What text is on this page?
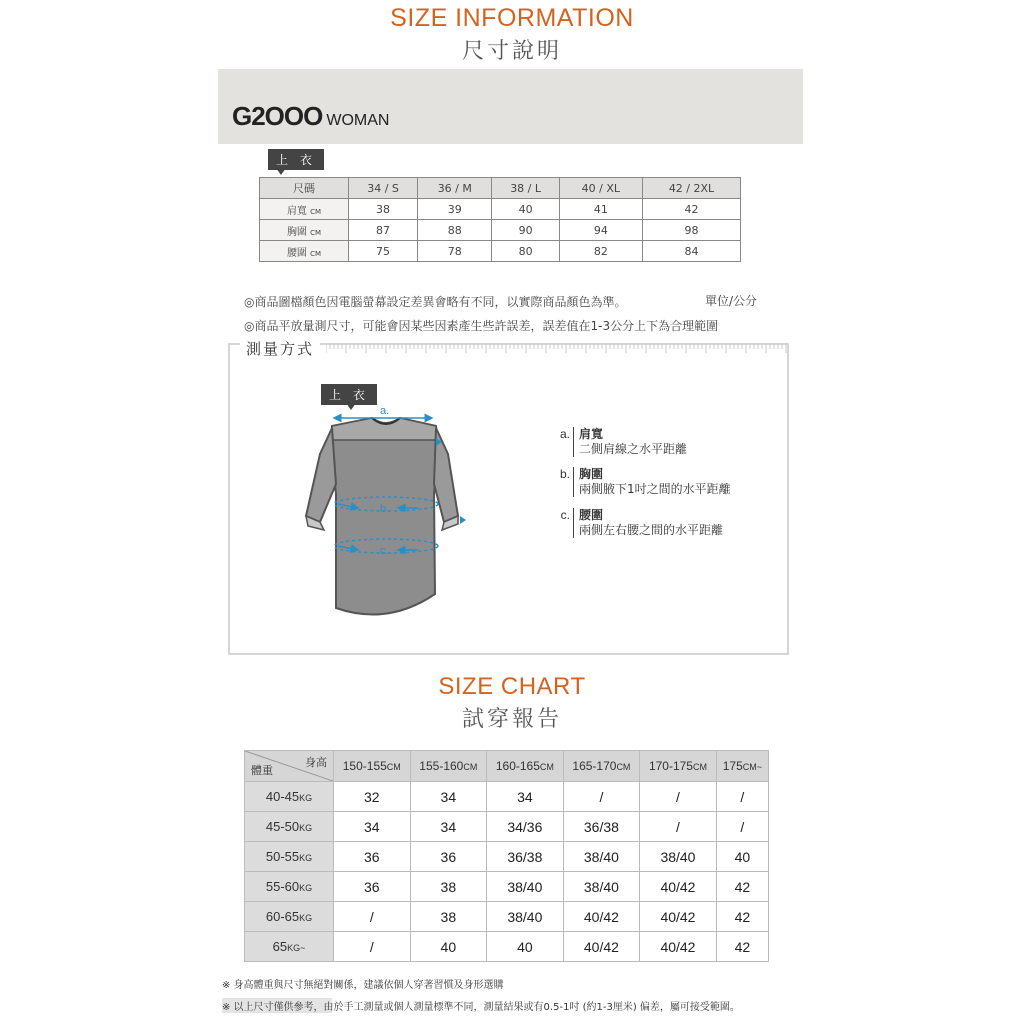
SIZE INFORMATION
尺寸說明
G2OOO WOMAN
上 衣
尺碼	34 / S	36 / M	38 / L	40 / XL	42 / 2XL
肩寬 CM	38	39	40	41	42
胸圍 CM	87	88	90	94	98
腰圍 CM	75	78	80	82	84
◎商品圖檔顏色因電腦螢幕設定差異會略有不同，以實際商品顏色為準。	單位/公分
◎商品平放量測尺寸，可能會因某些因素產生些許誤差，誤差值在1-3公分上下為合理範圍
測量方式
上 衣
a.
b.
c.
a. 肩寬
二側肩線之水平距離
b. 胸圍
兩側腋下1吋之間的水平距離
c. 腰圍
兩側左右腰之間的水平距離
SIZE CHART
試穿報告
身高
體重	150-155CM	155-160CM	160-165CM	165-170CM	170-175CM	175CM~
40-45KG	32	34	34	/	/	/
45-50KG	34	34	34/36	36/38	/	/
50-55KG	36	36	36/38	38/40	38/40	40
55-60KG	36	38	38/40	38/40	40/42	42
60-65KG	/	38	38/40	40/42	40/42	42
65KG~	/	40	40	40/42	40/42	42
※ 身高體重與尺寸無絕對關係，建議依個人穿著習慣及身形選購
※ 以上尺寸僅供參考，由於手工測量或個人測量標準不同，測量結果或有0.5-1吋 (約1-3厘米) 偏差，屬可接受範圍。
